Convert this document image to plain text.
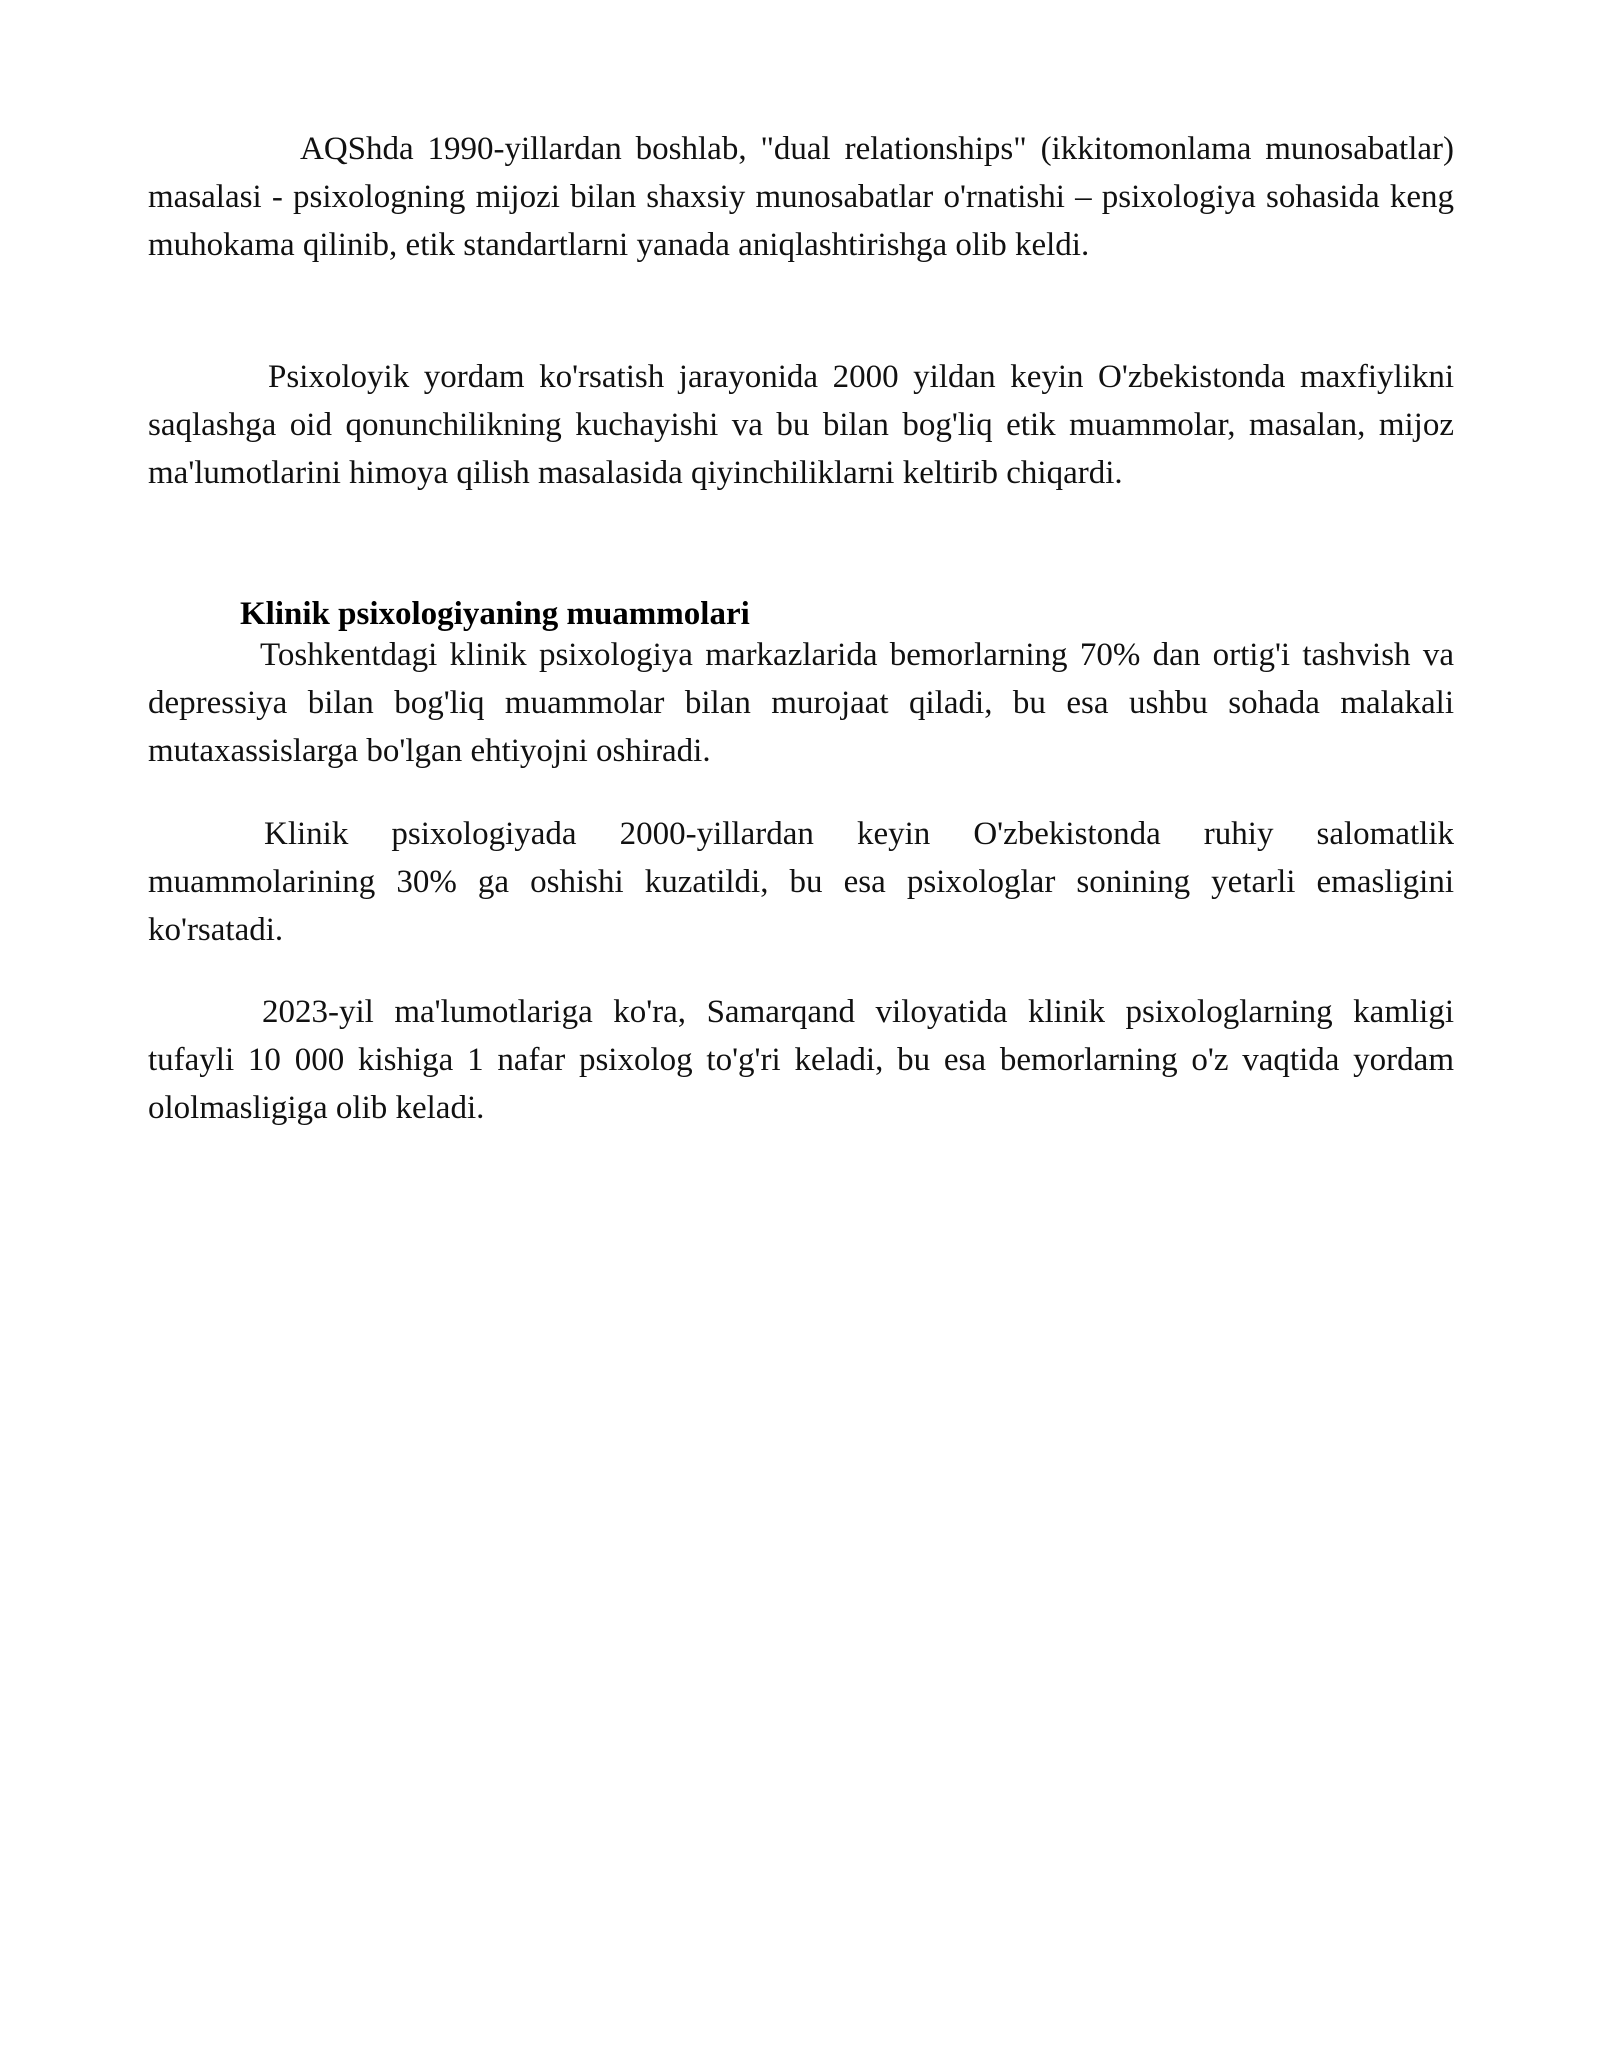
AQShda 1990-yillardan boshlab, "dual relationships" (ikkitomonlama munosabatlar) masalasi - psixologning mijozi bilan shaxsiy munosabatlar o'rnatishi – psixologiya sohasida keng muhokama qilinib, etik standartlarni yanada aniqlashtirishga olib keldi.

Psixoloyik yordam ko'rsatish jarayonida 2000 yildan keyin O'zbekistonda maxfiylikni saqlashga oid qonunchilikning kuchayishi va bu bilan bog'liq etik muammolar, masalan, mijoz ma'lumotlarini himoya qilish masalasida qiyinchiliklarni keltirib chiqardi.

Klinik psixologiyaning muammolari

Toshkentdagi klinik psixologiya markazlarida bemorlarning 70% dan ortig'i tashvish va depressiya bilan bog'liq muammolar bilan murojaat qiladi, bu esa ushbu sohada malakali mutaxassislarga bo'lgan ehtiyojni oshiradi.

Klinik psixologiyada 2000-yillardan keyin O'zbekistonda ruhiy salomatlik muammolarining 30% ga oshishi kuzatildi, bu esa psixologlar sonining yetarli emasligini ko'rsatadi.

2023-yil ma'lumotlariga ko'ra, Samarqand viloyatida klinik psixologlarning kamligi tufayli 10 000 kishiga 1 nafar psixolog to'g'ri keladi, bu esa bemorlarning o'z vaqtida yordam ololmasligiga olib keladi.
